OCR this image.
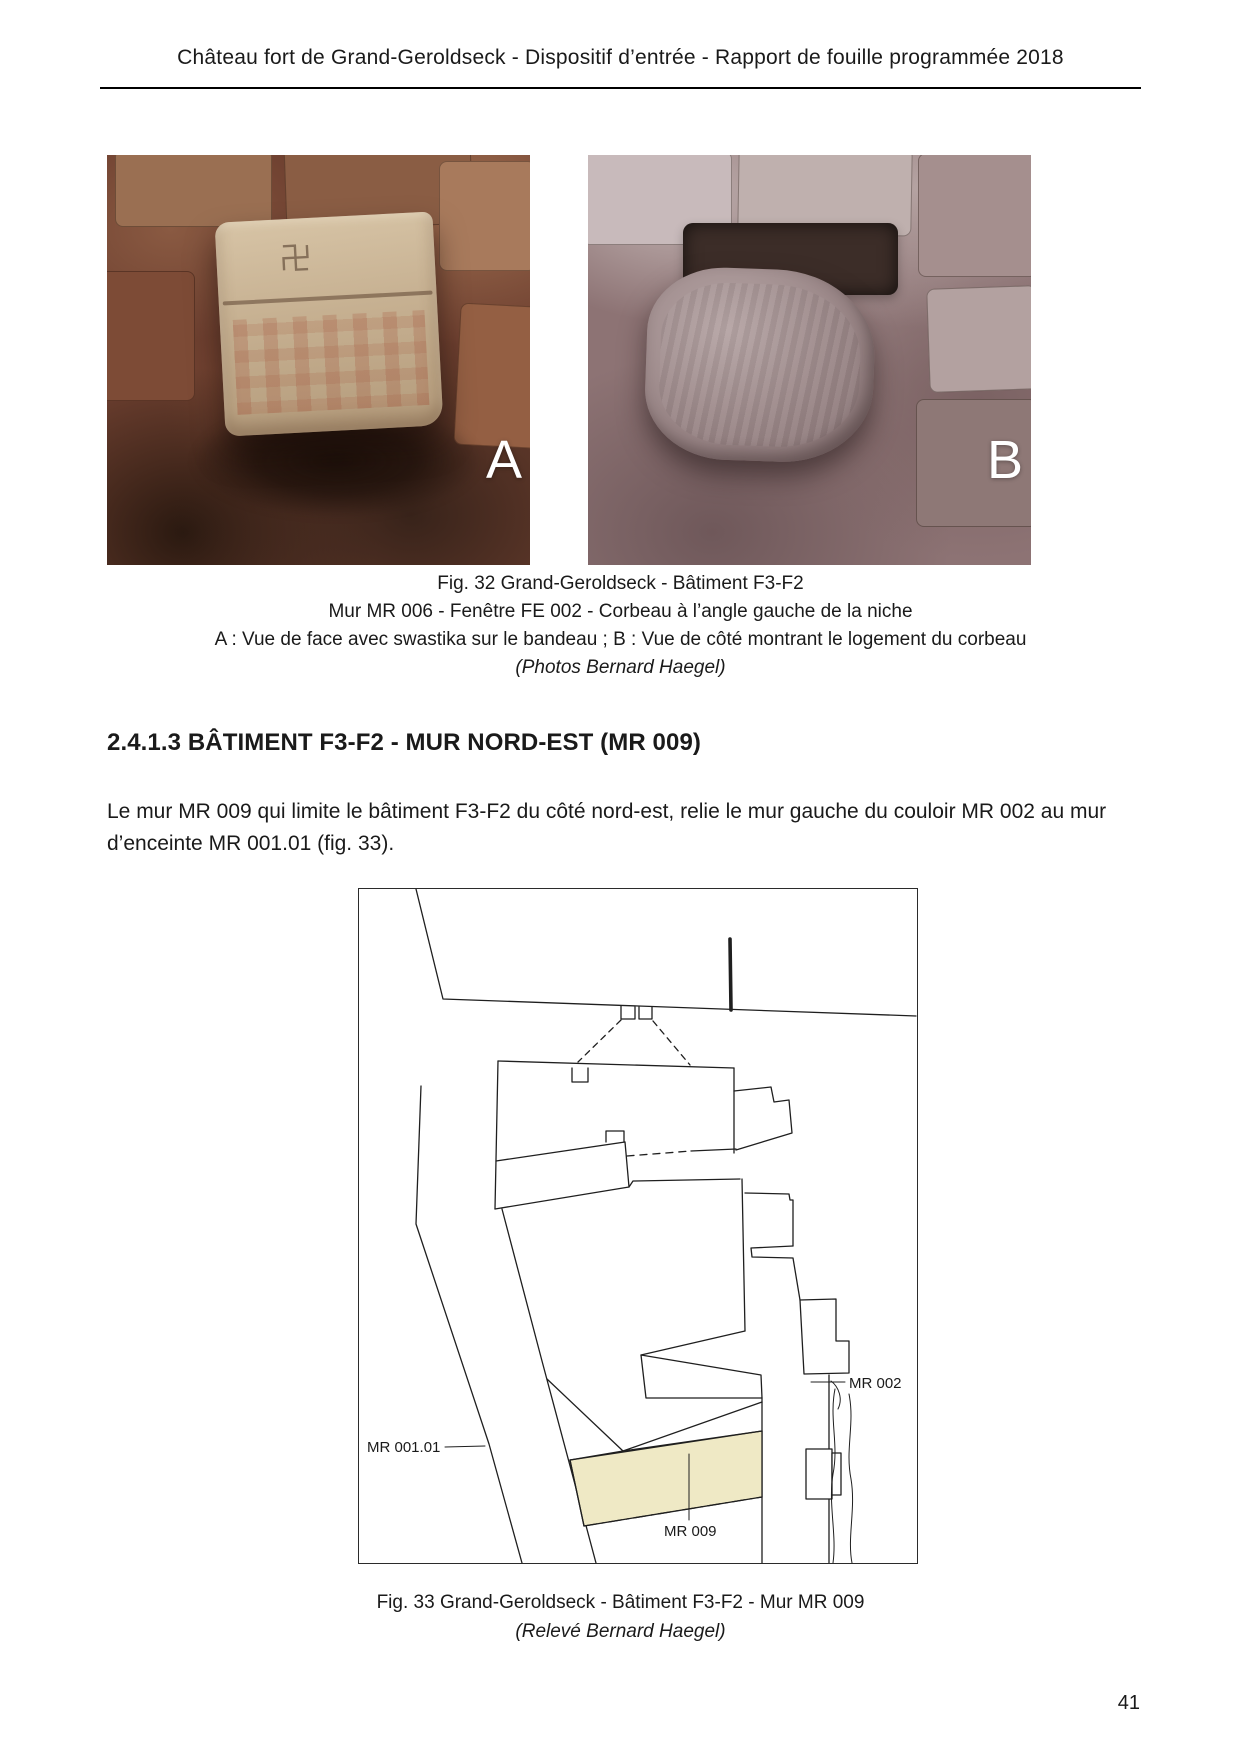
Château fort de Grand-Geroldseck - Dispositif d’entrée - Rapport de fouille programmée 2018
A	B
Fig. 32 Grand-Geroldseck - Bâtiment F3-F2
Mur MR 006 - Fenêtre FE 002 - Corbeau à l’angle gauche de la niche
A : Vue de face avec swastika sur le bandeau ; B : Vue de côté montrant le logement du corbeau
(Photos Bernard Haegel)
2.4.1.3 BÂTIMENT F3-F2 - MUR NORD-EST (MR 009)
Le mur MR 009 qui limite le bâtiment F3-F2 du côté nord-est, relie le mur gauche du couloir MR 002 au mur d’enceinte MR 001.01 (fig. 33).
MR 002
MR 001.01
MR 009
Fig. 33 Grand-Geroldseck - Bâtiment F3-F2 - Mur MR 009
(Relevé Bernard Haegel)
41
